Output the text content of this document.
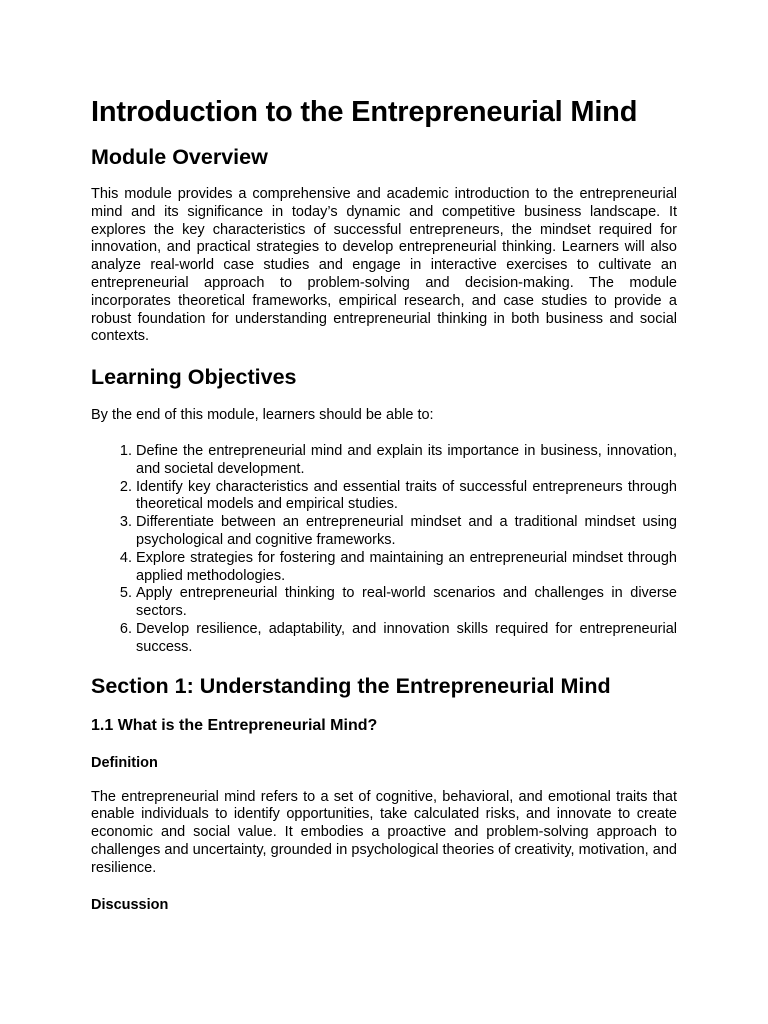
Introduction to the Entrepreneurial Mind
Module Overview

This module provides a comprehensive and academic introduction to the entrepreneurial mind and its significance in today’s dynamic and competitive business landscape. It explores the key characteristics of successful entrepreneurs, the mindset required for innovation, and practical strategies to develop entrepreneurial thinking. Learners will also analyze real-world case studies and engage in interactive exercises to cultivate an entrepreneurial approach to problem-solving and decision-making. The module incorporates theoretical frameworks, empirical research, and case studies to provide a robust foundation for understanding entrepreneurial thinking in both business and social contexts.

Learning Objectives

By the end of this module, learners should be able to:

1. Define the entrepreneurial mind and explain its importance in business, innovation, and societal development.
2. Identify key characteristics and essential traits of successful entrepreneurs through theoretical models and empirical studies.
3. Differentiate between an entrepreneurial mindset and a traditional mindset using psychological and cognitive frameworks.
4. Explore strategies for fostering and maintaining an entrepreneurial mindset through applied methodologies.
5. Apply entrepreneurial thinking to real-world scenarios and challenges in diverse sectors.
6. Develop resilience, adaptability, and innovation skills required for entrepreneurial success.
Section 1: Understanding the Entrepreneurial Mind
1.1 What is the Entrepreneurial Mind?
Definition

The entrepreneurial mind refers to a set of cognitive, behavioral, and emotional traits that enable individuals to identify opportunities, take calculated risks, and innovate to create economic and social value. It embodies a proactive and problem-solving approach to challenges and uncertainty, grounded in psychological theories of creativity, motivation, and resilience.

Discussion
